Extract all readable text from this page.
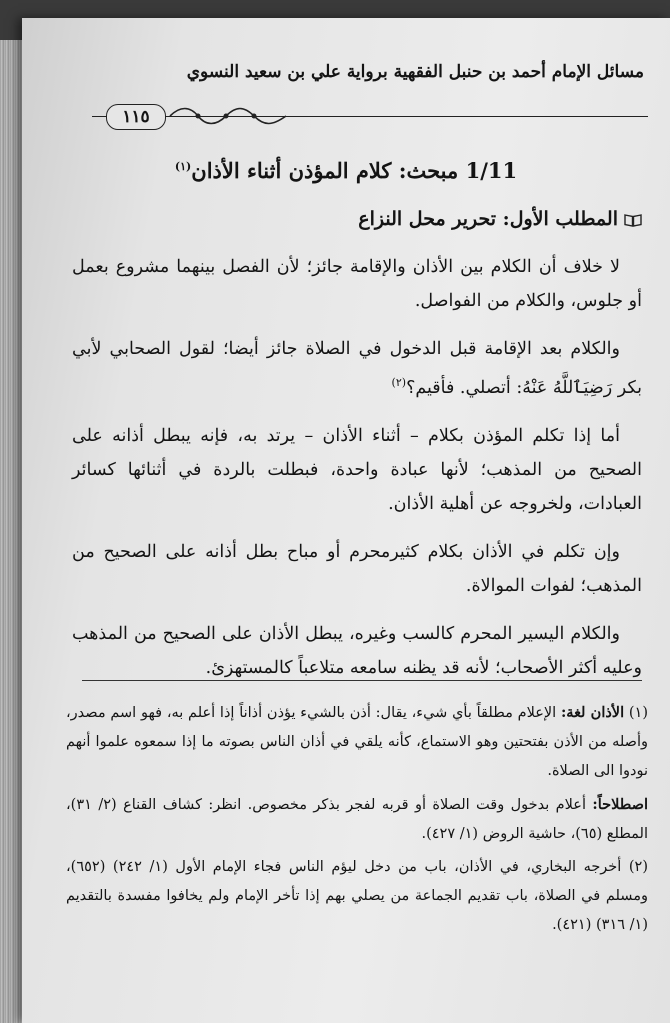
مسائل الإمام أحمد بن حنبل الفقهية برواية علي بن سعيد النسوي
١١٥
1/11 مبحث: كلام المؤذن أثناء الأذان$^{(١)}$
المطلب الأول: تحرير محل النزاع

لا خلاف أن الكلام بين الأذان والإقامة جائز؛ لأن الفصل بينهما مشروع بعمل أو جلوس، والكلام من الفواصل.

والكلام بعد الإقامة قبل الدخول في الصلاة جائز أيضا؛ لقول الصحابي لأبي بكر رَضِيَٱللَّهُ عَنْهُ: أتصلي. فأقيم؟$^{(٢)}$

أما إذا تكلم المؤذن بكلام – أثناء الأذان – يرتد به، فإنه يبطل أذانه على الصحيح من المذهب؛ لأنها عبادة واحدة، فبطلت بالردة في أثنائها كسائر العبادات، ولخروجه عن أهلية الأذان.

وإن تكلم في الأذان بكلام كثيرمحرم أو مباح بطل أذانه على الصحيح من المذهب؛ لفوات الموالاة.

والكلام اليسير المحرم كالسب وغيره، يبطل الأذان على الصحيح من المذهب وعليه أكثر الأصحاب؛ لأنه قد يظنه سامعه متلاعباً كالمستهزئ.

(١) الأذان لغة: الإعلام مطلقاً بأي شيء، يقال: أذن بالشيء يؤذن أذاناً إذا أعلم به، فهو اسم مصدر، وأصله من الأذن بفتحتين وهو الاستماع، كأنه يلقي في أذان الناس بصوته ما إذا سمعوه علموا أنهم نودوا الى الصلاة.

اصطلاحاً: أعلام بدخول وقت الصلاة أو قربه لفجر بذكر مخصوص. انظر: كشاف القناع (٢/ ٣١)، المطلع (٦٥)، حاشية الروض (١/ ٤٢٧).

(٢) أخرجه البخاري، في الأذان، باب من دخل ليؤم الناس فجاء الإمام الأول (١/ ٢٤٢) (٦٥٢)، ومسلم في الصلاة، باب تقديم الجماعة من يصلي بهم إذا تأخر الإمام ولم يخافوا مفسدة بالتقديم (١/ ٣١٦) (٤٢١).
